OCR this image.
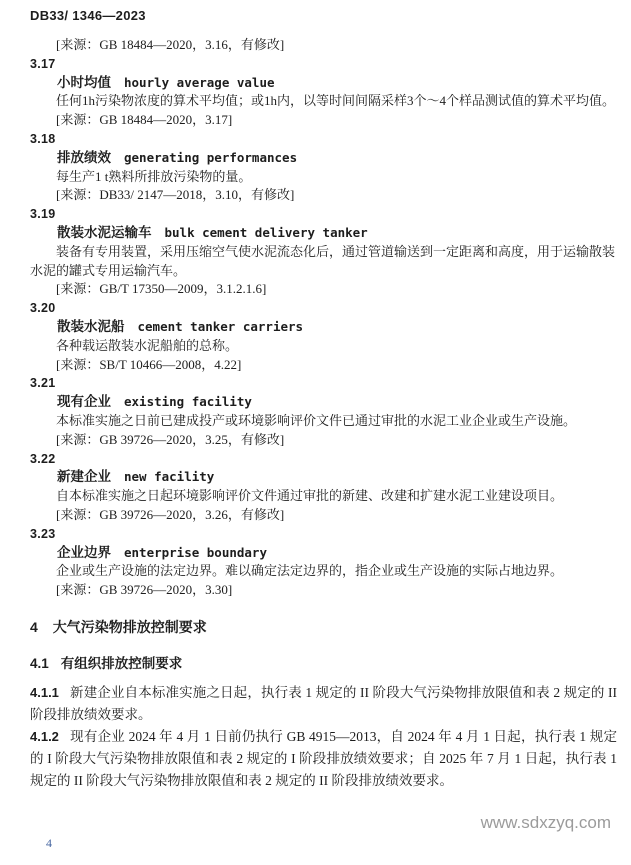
DB33/ 1346—2023

[来源：GB 18484—2020，3.16，有修改]

3.17

小时均值 hourly average value

任何1h污染物浓度的算术平均值；或1h内，以等时间间隔采样3个～4个样品测试值的算术平均值。

[来源：GB 18484—2020，3.17]

3.18

排放绩效 generating performances

每生产1 t熟料所排放污染物的量。

[来源：DB33/ 2147—2018，3.10，有修改]

3.19

散装水泥运输车 bulk cement delivery tanker

装备有专用装置，采用压缩空气使水泥流态化后，通过管道输送到一定距离和高度，用于运输散装水泥的罐式专用运输汽车。

[来源：GB/T 17350—2009，3.1.2.1.6]

3.20

散装水泥船 cement tanker carriers

各种载运散装水泥船舶的总称。

[来源：SB/T 10466—2008，4.22]

3.21

现有企业 existing facility

本标准实施之日前已建成投产或环境影响评价文件已通过审批的水泥工业企业或生产设施。

[来源：GB 39726—2020，3.25，有修改]

3.22

新建企业 new facility

自本标准实施之日起环境影响评价文件通过审批的新建、改建和扩建水泥工业建设项目。

[来源：GB 39726—2020，3.26，有修改]

3.23

企业边界 enterprise boundary

企业或生产设施的法定边界。难以确定法定边界的，指企业或生产设施的实际占地边界。

[来源：GB 39726—2020，3.30]

4 大气污染物排放控制要求
4.1 有组织排放控制要求

4.1.1 新建企业自本标准实施之日起，执行表 1 规定的 II 阶段大气污染物排放限值和表 2 规定的 II 阶段排放绩效要求。

4.1.2 现有企业 2024 年 4 月 1 日前仍执行 GB 4915—2013，自 2024 年 4 月 1 日起，执行表 1 规定的 I 阶段大气污染物排放限值和表 2 规定的 I 阶段排放绩效要求；自 2025 年 7 月 1 日起，执行表 1 规定的 II 阶段大气污染物排放限值和表 2 规定的 II 阶段排放绩效要求。

www.sdxzyq.com
4
